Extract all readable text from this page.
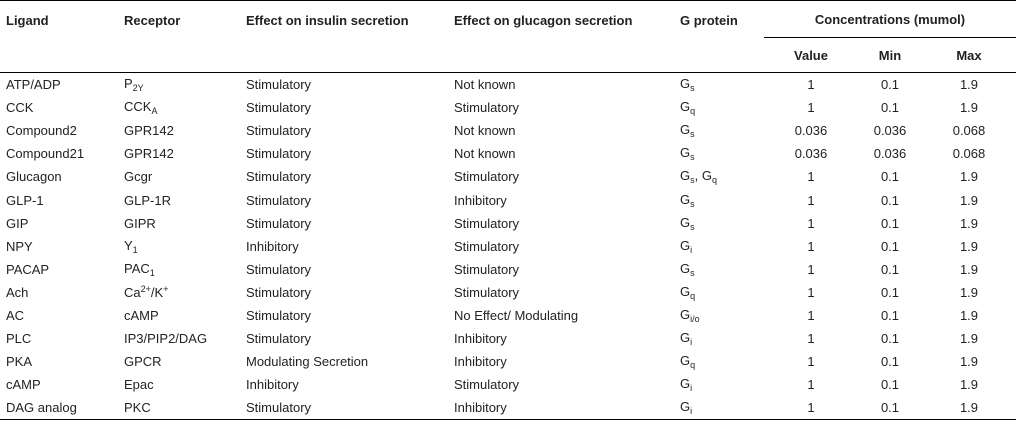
Ligand	Receptor	Effect on insulin secretion	Effect on glucagon secretion	G protein	Concentrations (mumol)		
					Value	Min	Max
ATP/ADP	$P_{2Y}$	Stimulatory	Not known	$G_s$	1	0.1	1.9
CCK	$CCK_A$	Stimulatory	Stimulatory	$G_q$	1	0.1	1.9
Compound2	GPR142	Stimulatory	Not known	$G_s$	0.036	0.036	0.068
Compound21	GPR142	Stimulatory	Not known	$G_s$	0.036	0.036	0.068
Glucagon	Gcgr	Stimulatory	Stimulatory	$G_s$, $G_q$	1	0.1	1.9
GLP-1	GLP-1R	Stimulatory	Inhibitory	$G_s$	1	0.1	1.9
GIP	GIPR	Stimulatory	Stimulatory	$G_s$	1	0.1	1.9
NPY	$Y_1$	Inhibitory	Stimulatory	$G_i$	1	0.1	1.9
PACAP	$PAC_1$	Stimulatory	Stimulatory	$G_s$	1	0.1	1.9
Ach	$Ca^{2+}/K^+$	Stimulatory	Stimulatory	$G_q$	1	0.1	1.9
AC	cAMP	Stimulatory	No Effect/ Modulating	$G_{i/o}$	1	0.1	1.9
PLC	IP3/PIP2/DAG	Stimulatory	Inhibitory	$G_i$	1	0.1	1.9
PKA	GPCR	Modulating Secretion	Inhibitory	$G_q$	1	0.1	1.9
cAMP	Epac	Inhibitory	Stimulatory	$G_i$	1	0.1	1.9
DAG analog	PKC	Stimulatory	Inhibitory	$G_i$	1	0.1	1.9
